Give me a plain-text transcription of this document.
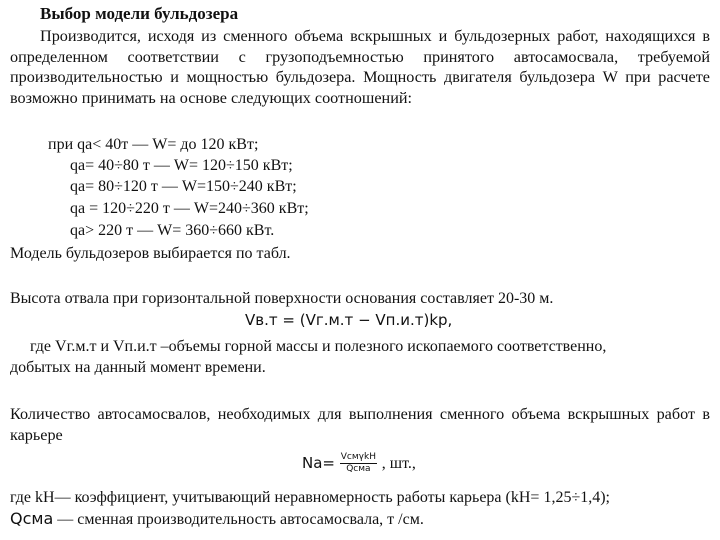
Выбор модели бульдозера
Производится, исходя из сменного объема вскрышных и бульдозерных работ, находящихся в определенном соответствии с грузоподъемностью принятого автосамосвала, требуемой производительностью и мощностью бульдозера. Мощность двигателя бульдозера W при расчете возможно принимать на основе следующих соотношений:
при qа< 40т — W= до 120 кВт;
qа= 40÷80 т — W= 120÷150 кВт;
qа= 80÷120 т — W=150÷240 кВт;
qа = 120÷220 т — W=240÷360 кВт;
qа> 220 т — W= 360÷660 кВт.
Модель бульдозеров выбирается по табл.
Высота отвала при горизонтальной поверхности основания составляет 20-30 м.
Vв.т = (Vг.м.т − Vп.и.т)kр,
где Vг.м.т и Vп.и.т –объемы горной массы и полезного ископаемого соответственно,
добытых на данный момент времени.
Количество автосамосвалов, необходимых для выполнения сменного объема вскрышных работ в карьере
$Nа= \frac{\text{VсмγkН}}{\text{Qсма}}$ , шт.,
где kН— коэффициент, учитывающий неравномерность работы карьера (kН= 1,25÷1,4);
Qсма — сменная производительность автосамосвала, т /см.
